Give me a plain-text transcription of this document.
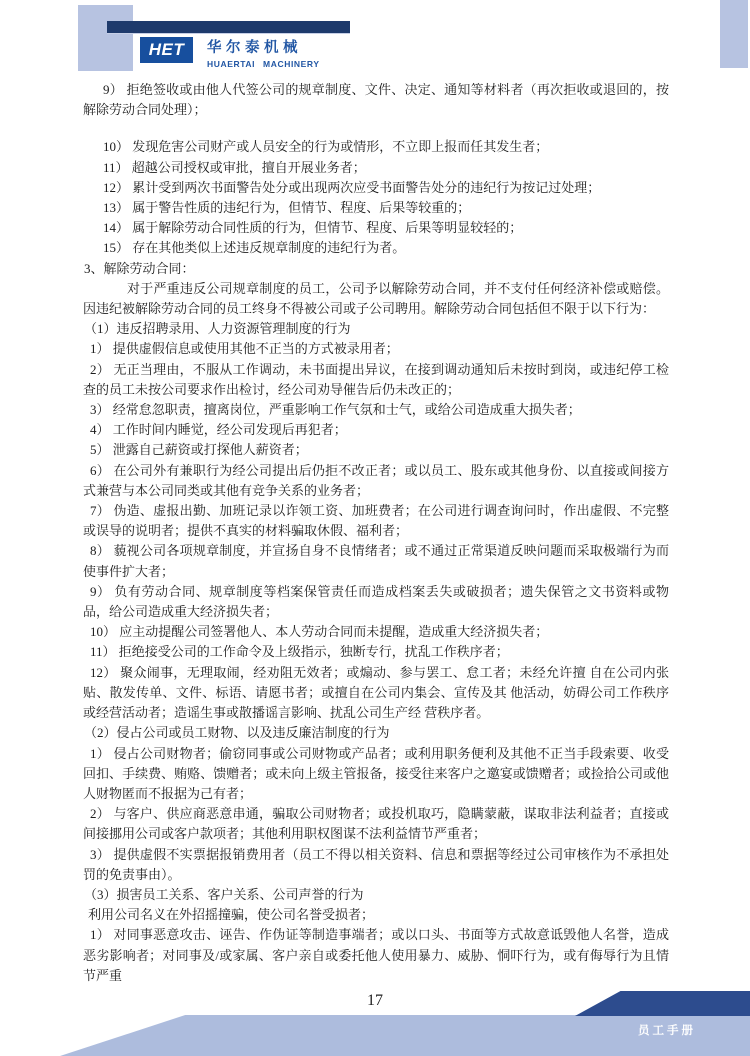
HET 华尔泰机械
HUAERTAI MACHINERY
9） 拒绝签收或由他人代签公司的规章制度、文件、决定、通知等材料者（再次拒收或退回的，按解除劳动合同处理）；
10） 发现危害公司财产或人员安全的行为或情形，不立即上报而任其发生者；
11） 超越公司授权或审批，擅自开展业务者；
12） 累计受到两次书面警告处分或出现两次应受书面警告处分的违纪行为按记过处理；
13） 属于警告性质的违纪行为，但情节、程度、后果等较重的；
14） 属于解除劳动合同性质的行为，但情节、程度、后果等明显较轻的；
15） 存在其他类似上述违反规章制度的违纪行为者。
3、解除劳动合同：
对于严重违反公司规章制度的员工，公司予以解除劳动合同，并不支付任何经济补偿或赔偿。因违纪被解除劳动合同的员工终身不得被公司或子公司聘用。解除劳动合同包括但不限于以下行为：
（1）违反招聘录用、人力资源管理制度的行为
1） 提供虚假信息或使用其他不正当的方式被录用者；
2） 无正当理由，不服从工作调动，未书面提出异议，在接到调动通知后未按时到岗，或违纪停工检查的员工未按公司要求作出检讨，经公司劝导催告后仍未改正的；
3） 经常怠忽职责，擅离岗位，严重影响工作气氛和士气，或给公司造成重大损失者；
4） 工作时间内睡觉，经公司发现后再犯者；
5） 泄露自己薪资或打探他人薪资者；
6） 在公司外有兼职行为经公司提出后仍拒不改正者；或以员工、股东或其他身份、以直接或间接方式兼营与本公司同类或其他有竞争关系的业务者；
7） 伪造、虚报出勤、加班记录以诈领工资、加班费者；在公司进行调查询问时，作出虚假、不完整或误导的说明者；提供不真实的材料骗取休假、福利者；
8） 藐视公司各项规章制度，并宣扬自身不良情绪者；或不通过正常渠道反映问题而采取极端行为而使事件扩大者；
9） 负有劳动合同、规章制度等档案保管责任而造成档案丢失或破损者；遗失保管之文书资料或物品，给公司造成重大经济损失者；
10） 应主动提醒公司签署他人、本人劳动合同而未提醒，造成重大经济损失者；
11） 拒绝接受公司的工作命令及上级指示，独断专行，扰乱工作秩序者；
12） 聚众闹事，无理取闹，经劝阻无效者；或煽动、参与罢工、怠工者；未经允许擅 自在公司内张贴、散发传单、文件、标语、请愿书者；或擅自在公司内集会、宣传及其 他活动，妨碍公司工作秩序或经营活动者；造谣生事或散播谣言影响、扰乱公司生产经 营秩序者。
（2）侵占公司或员工财物、以及违反廉洁制度的行为
1） 侵占公司财物者；偷窃同事或公司财物或产品者；或利用职务便利及其他不正当手段索要、收受回扣、手续费、贿赂、馈赠者；或未向上级主管报备，接受往来客户之邀宴或馈赠者；或捡拾公司或他人财物匿而不报据为己有者；
2） 与客户、供应商恶意串通，骗取公司财物者；或投机取巧，隐瞒蒙蔽，谋取非法利益者；直接或间接挪用公司或客户款项者；其他利用职权图谋不法利益情节严重者；
3） 提供虚假不实票据报销费用者（员工不得以相关资料、信息和票据等经过公司审核作为不承担处罚的免责事由）。
（3）损害员工关系、客户关系、公司声誉的行为
利用公司名义在外招摇撞骗，使公司名誉受损者；
1） 对同事恶意攻击、诬告、作伪证等制造事端者；或以口头、书面等方式故意诋毁他人名誉，造成恶劣影响者；对同事及/或家属、客户亲自或委托他人使用暴力、威胁、恫吓行为，或有侮辱行为且情节严重
17
员工手册
